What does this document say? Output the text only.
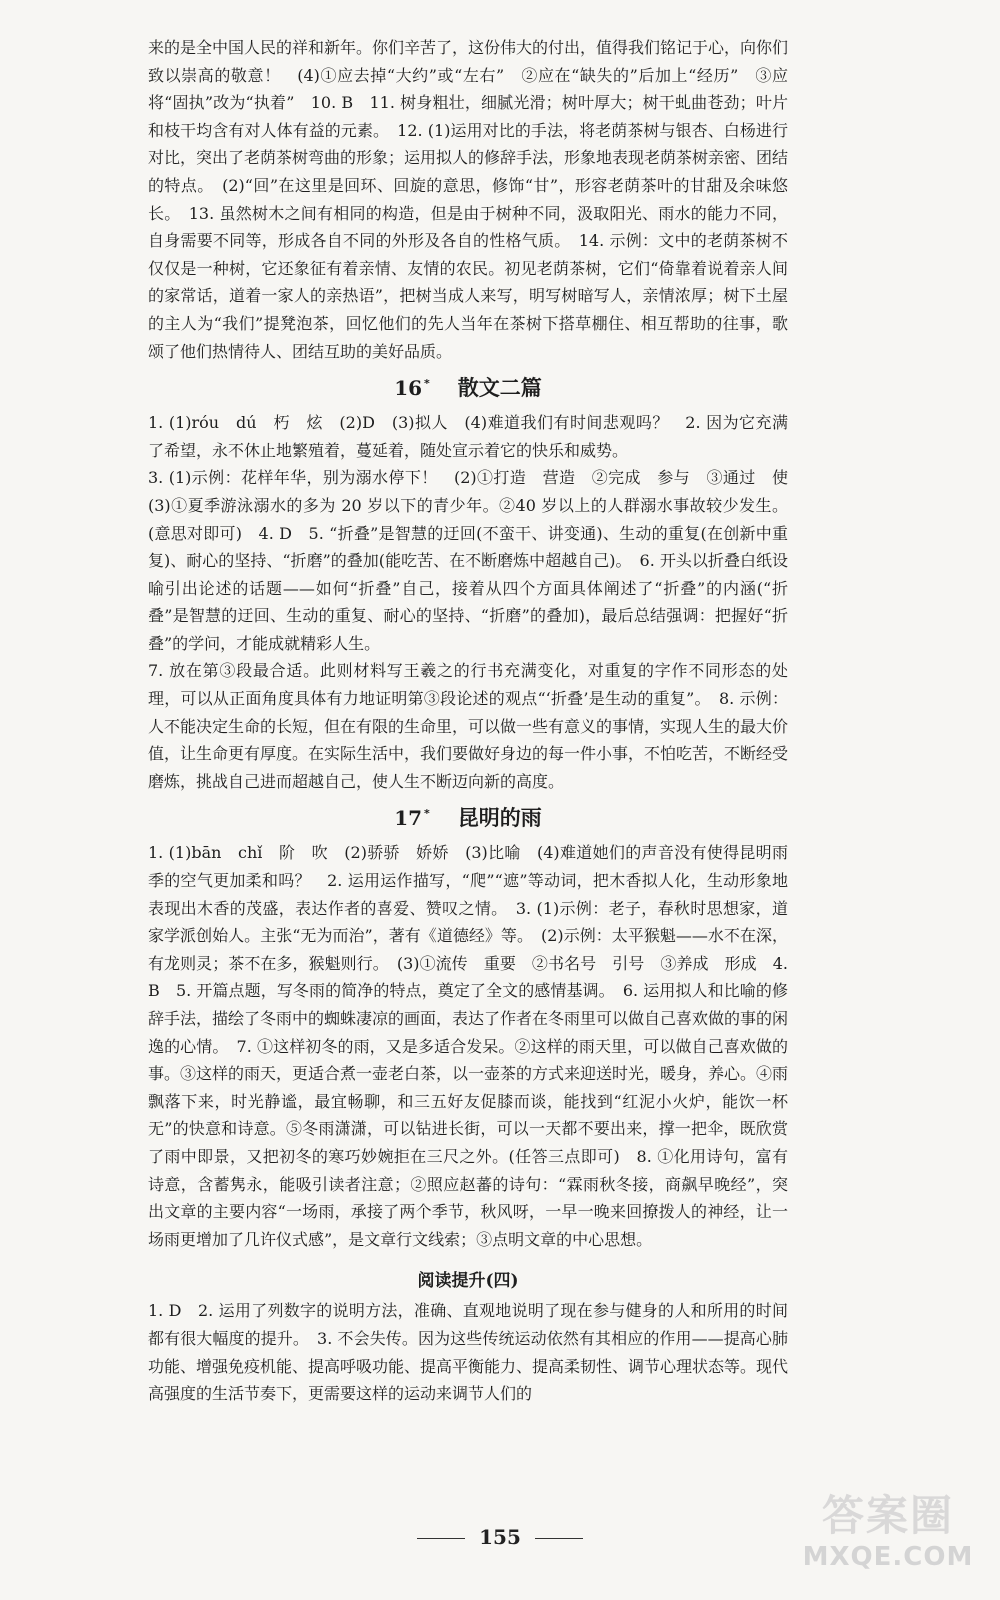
来的是全中国人民的祥和新年。你们辛苦了，这份伟大的付出，值得我们铭记于心，向你们致以崇高的敬意！　(4)①应去掉“大约”或“左右”　②应在“缺失的”后加上“经历”　③应将“固执”改为“执着”　10. B　11. 树身粗壮，细腻光滑；树叶厚大；树干虬曲苍劲；叶片和枝干均含有对人体有益的元素。　12. (1)运用对比的手法，将老荫茶树与银杏、白杨进行对比，突出了老荫茶树弯曲的形象；运用拟人的修辞手法，形象地表现老荫茶树亲密、团结的特点。　(2)“回”在这里是回环、回旋的意思，修饰“甘”，形容老荫茶叶的甘甜及余味悠长。　13. 虽然树木之间有相同的构造，但是由于树种不同，汲取阳光、雨水的能力不同，自身需要不同等，形成各自不同的外形及各自的性格气质。　14. 示例：文中的老荫茶树不仅仅是一种树，它还象征有着亲情、友情的农民。初见老荫茶树，它们“倚靠着说着亲人间的家常话，道着一家人的亲热语”，把树当成人来写，明写树暗写人，亲情浓厚；树下土屋的主人为“我们”提凳泡茶，回忆他们的先人当年在茶树下搭草棚住、相互帮助的往事，歌颂了他们热情待人、团结互助的美好品质。

16 * 散文二篇

1. (1)róu　dú　朽　炫　(2)D　(3)拟人　(4)难道我们有时间悲观吗？　2. 因为它充满了希望，永不休止地繁殖着，蔓延着，随处宣示着它的快乐和威势。

3. (1)示例：花样年华，别为溺水停下！　(2)①打造　营造　②完成　参与　③通过　使　(3)①夏季游泳溺水的多为 20 岁以下的青少年。②40 岁以上的人群溺水事故较少发生。(意思对即可)　4. D　5. “折叠”是智慧的迂回(不蛮干、讲变通)、生动的重复(在创新中重复)、耐心的坚持、“折磨”的叠加(能吃苦、在不断磨炼中超越自己)。　6. 开头以折叠白纸设喻引出论述的话题——如何“折叠”自己，接着从四个方面具体阐述了“折叠”的内涵(“折叠”是智慧的迂回、生动的重复、耐心的坚持、“折磨”的叠加)，最后总结强调：把握好“折叠”的学问，才能成就精彩人生。

7. 放在第③段最合适。此则材料写王羲之的行书充满变化，对重复的字作不同形态的处理，可以从正面角度具体有力地证明第③段论述的观点“‘折叠’是生动的重复”。　8. 示例：人不能决定生命的长短，但在有限的生命里，可以做一些有意义的事情，实现人生的最大价值，让生命更有厚度。在实际生活中，我们要做好身边的每一件小事，不怕吃苦，不断经受磨炼，挑战自己进而超越自己，使人生不断迈向新的高度。

17 * 昆明的雨

1. (1)bān　chǐ　阶　吹　(2)骄骄　娇娇　(3)比喻　(4)难道她们的声音没有使得昆明雨季的空气更加柔和吗？　2. 运用运作描写，“爬”“遮”等动词，把木香拟人化，生动形象地表现出木香的茂盛，表达作者的喜爱、赞叹之情。　3. (1)示例：老子，春秋时思想家，道家学派创始人。主张“无为而治”，著有《道德经》等。　(2)示例：太平猴魁——水不在深，有龙则灵；茶不在多，猴魁则行。　(3)①流传　重要　②书名号　引号　③养成　形成　4. B　5. 开篇点题，写冬雨的简净的特点，奠定了全文的感情基调。　6. 运用拟人和比喻的修辞手法，描绘了冬雨中的蜘蛛凄凉的画面，表达了作者在冬雨里可以做自己喜欢做的事的闲逸的心情。　7. ①这样初冬的雨，又是多适合发呆。②这样的雨天里，可以做自己喜欢做的事。③这样的雨天，更适合煮一壶老白茶，以一壶茶的方式来迎送时光，暖身，养心。④雨飘落下来，时光静谧，最宜畅聊，和三五好友促膝而谈，能找到“红泥小火炉，能饮一杯无”的快意和诗意。⑤冬雨潇潇，可以钻进长街，可以一天都不要出来，撑一把伞，既欣赏了雨中即景，又把初冬的寒巧妙婉拒在三尺之外。(任答三点即可)　8. ①化用诗句，富有诗意，含蓄隽永，能吸引读者注意；②照应赵蕃的诗句：“霖雨秋冬接，商飙早晚经”，突出文章的主要内容“一场雨，承接了两个季节，秋风呀，一早一晚来回撩拨人的神经，让一场雨更增加了几许仪式感”，是文章行文线索；③点明文章的中心思想。

阅读提升(四)

1. D　2. 运用了列数字的说明方法，准确、直观地说明了现在参与健身的人和所用的时间都有很大幅度的提升。　3. 不会失传。因为这些传统运动依然有其相应的作用——提高心肺功能、增强免疫机能、提高呼吸功能、提高平衡能力、提高柔韧性、调节心理状态等。现代高强度的生活节奏下，更需要这样的运动来调节人们的

155	答案圈
MXQE.COM
